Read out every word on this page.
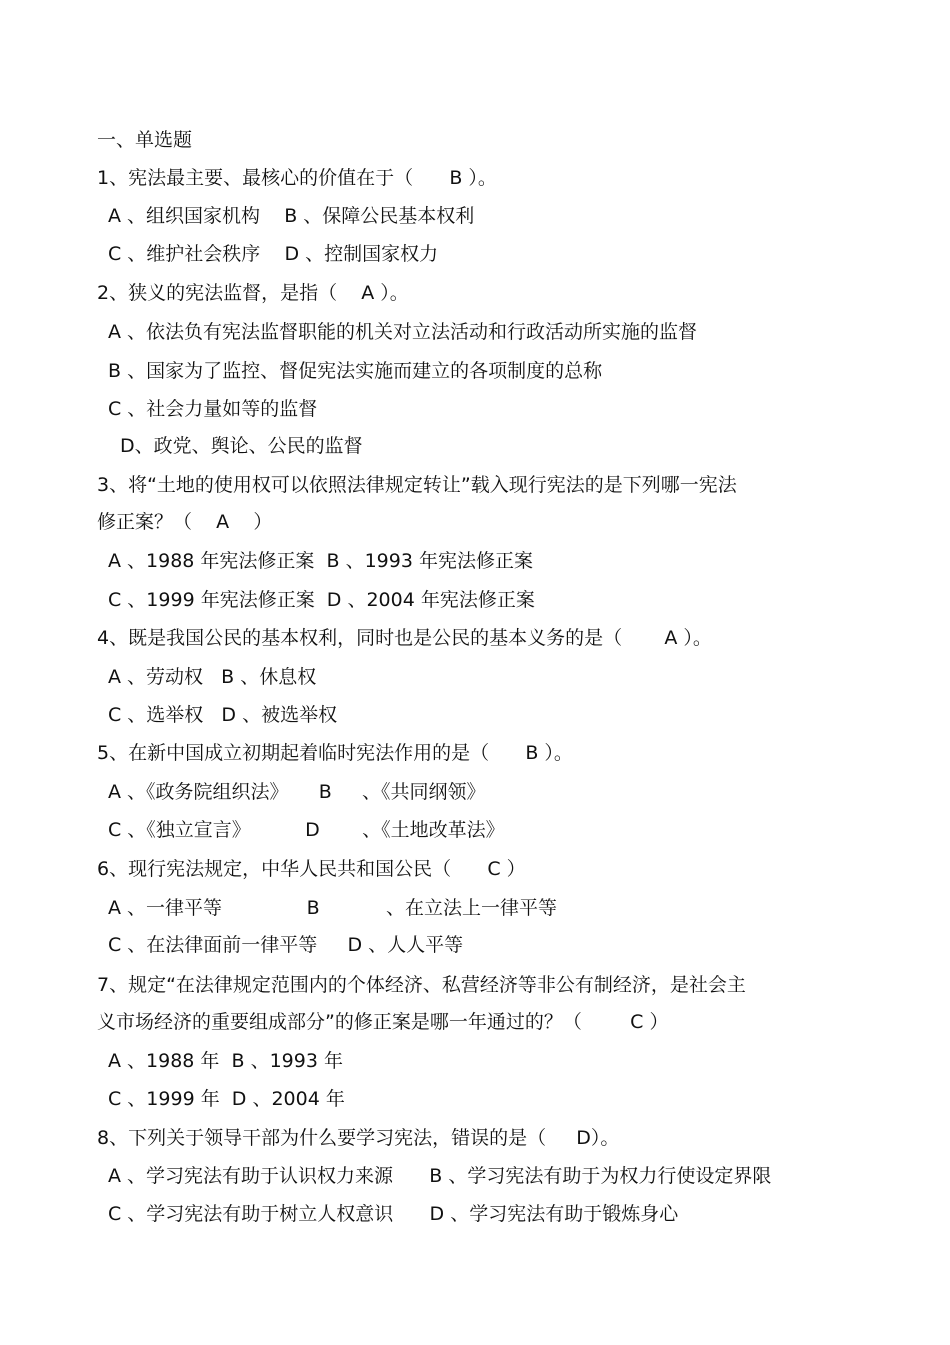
一、单选题

1、宪法最主要、最核心的价值在于（      B ）。

A 、组织国家机构    B 、保障公民基本权利

C 、维护社会秩序    D 、控制国家权力

2、狭义的宪法监督，是指（    A ）。

A 、依法负有宪法监督职能的机关对立法活动和行政活动所实施的监督

B 、国家为了监控、督促宪法实施而建立的各项制度的总称

C 、社会力量如等的监督

D、政党、舆论、公民的监督

3、将“土地的使用权可以依照法律规定转让”载入现行宪法的是下列哪一宪法

修正案？（    A    ）

A 、1988 年宪法修正案  B 、1993 年宪法修正案

C 、1999 年宪法修正案  D 、2004 年宪法修正案

4、既是我国公民的基本权利，同时也是公民的基本义务的是（       A ）。

A 、劳动权   B 、休息权

C 、选举权   D 、被选举权

5、在新中国成立初期起着临时宪法作用的是（      B ）。

A 、《政务院组织法》     B     、《共同纲领》

C 、《独立宣言》         D       、《土地改革法》

6、现行宪法规定，中华人民共和国公民（      C ）

A 、一律平等              B           、在立法上一律平等

C 、在法律面前一律平等     D 、人人平等

7、规定“在法律规定范围内的个体经济、私营经济等非公有制经济，是社会主

义市场经济的重要组成部分”的修正案是哪一年通过的？（        C ）

A 、1988 年  B 、1993 年

C 、1999 年  D 、2004 年

8、下列关于领导干部为什么要学习宪法，错误的是（     D）。

A 、学习宪法有助于认识权力来源      B 、学习宪法有助于为权力行使设定界限

C 、学习宪法有助于树立人权意识      D 、学习宪法有助于锻炼身心
